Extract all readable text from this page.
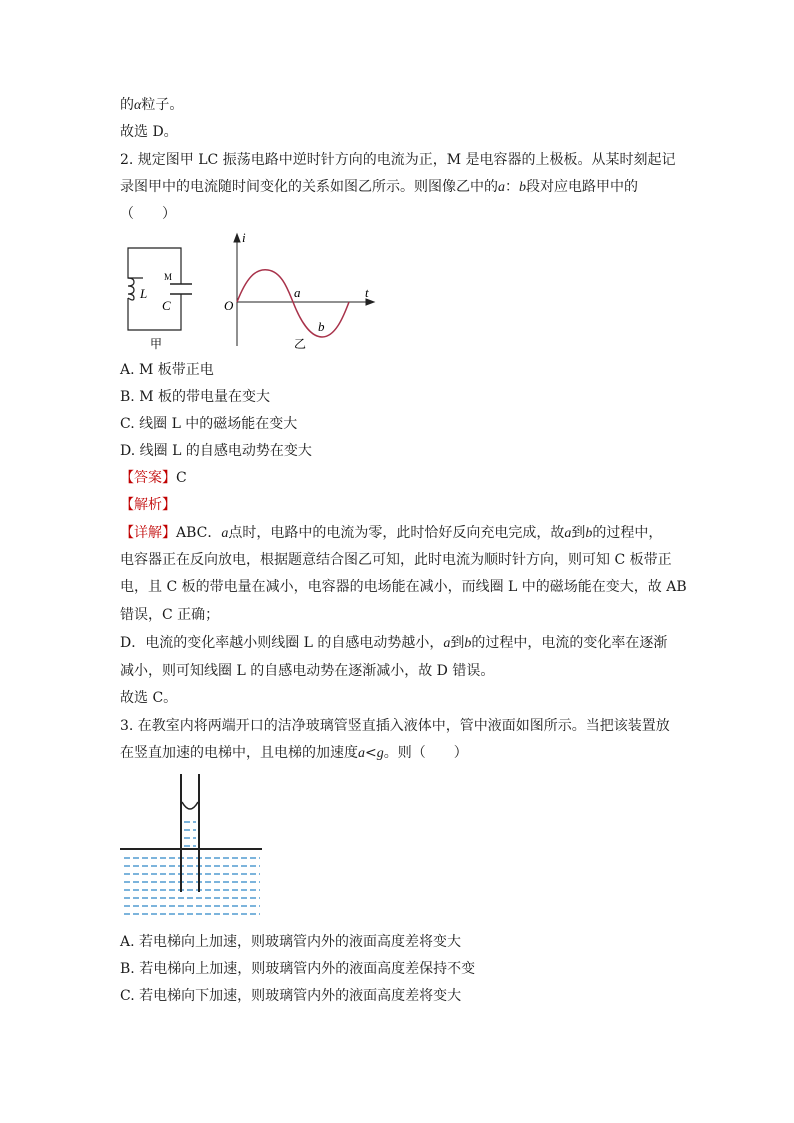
的α粒子。
故选 D。
2. 规定图甲 LC 振荡电路中逆时针方向的电流为正，M 是电容器的上极板。从某时刻起记
录图甲中的电流随时间变化的关系如图乙所示。则图像乙中的a：b段对应电路甲中的
（　　）
L
M
C
甲
i
t
O
a
b
乙
A. M 板带正电
B. M 板的带电量在变大
C. 线圈 L 中的磁场能在变大
D. 线圈 L 的自感电动势在变大
【答案】C
【解析】
【详解】ABC．a点时，电路中的电流为零，此时恰好反向充电完成，故a到b的过程中，
电容器正在反向放电，根据题意结合图乙可知，此时电流为顺时针方向，则可知 C 板带正
电，且 C 板的带电量在减小，电容器的电场能在减小，而线圈 L 中的磁场能在变大，故 AB
错误，C 正确；
D．电流的变化率越小则线圈 L 的自感电动势越小，a到b的过程中，电流的变化率在逐渐
减小，则可知线圈 L 的自感电动势在逐渐减小，故 D 错误。
故选 C。
3. 在教室内将两端开口的洁净玻璃管竖直插入液体中，管中液面如图所示。当把该装置放
在竖直加速的电梯中，且电梯的加速度a<g。则（　　）
A. 若电梯向上加速，则玻璃管内外的液面高度差将变大
B. 若电梯向上加速，则玻璃管内外的液面高度差保持不变
C. 若电梯向下加速，则玻璃管内外的液面高度差将变大
